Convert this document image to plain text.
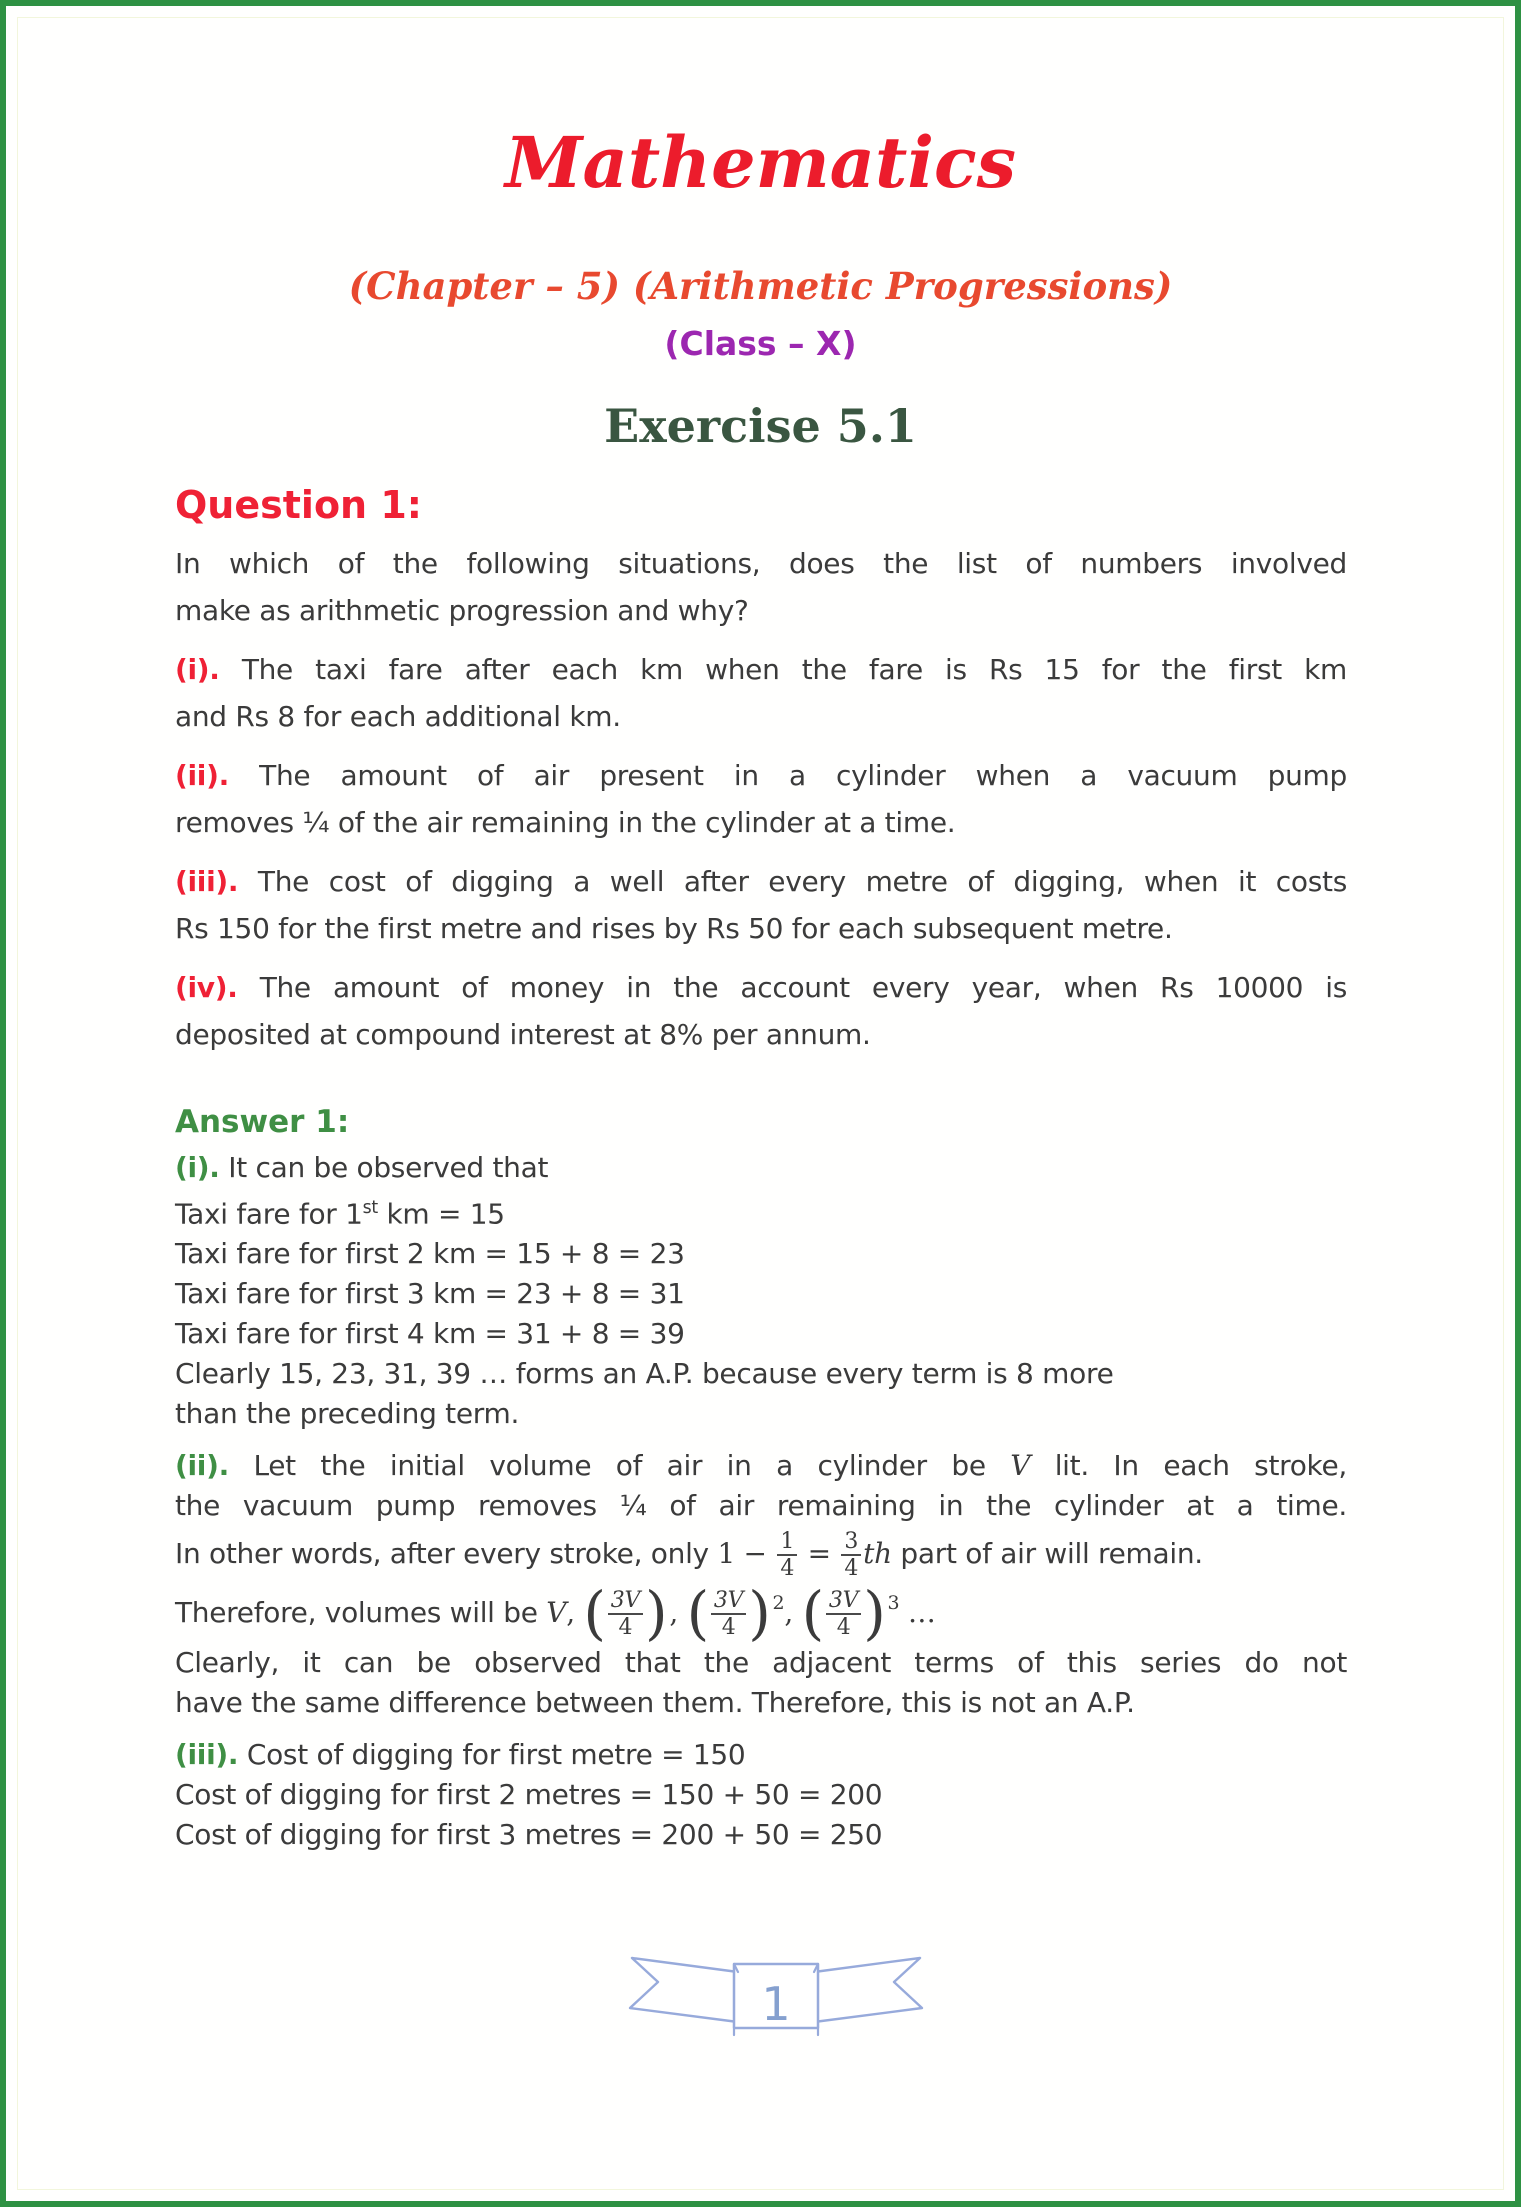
Mathematics
(Chapter – 5) (Arithmetic Progressions)
(Class – X)
Exercise 5.1
Question 1:
In which of the following situations, does the list of numbers involved
make as arithmetic progression and why?
(i). The taxi fare after each km when the fare is Rs 15 for the first km
and Rs 8 for each additional km.
(ii). The amount of air present in a cylinder when a vacuum pump
removes ¼ of the air remaining in the cylinder at a time.
(iii). The cost of digging a well after every metre of digging, when it costs
Rs 150 for the first metre and rises by Rs 50 for each subsequent metre.
(iv). The amount of money in the account every year, when Rs 10000 is
deposited at compound interest at 8% per annum.
Answer 1:
(i). It can be observed that
Taxi fare for 1st km = 15
Taxi fare for first 2 km = 15 + 8 = 23
Taxi fare for first 3 km = 23 + 8 = 31
Taxi fare for first 4 km = 31 + 8 = 39
Clearly 15, 23, 31, 39 … forms an A.P. because every term is 8 more
than the preceding term.
(ii). Let the initial volume of air in a cylinder be V lit. In each stroke,
the vacuum pump removes ¼ of air remaining in the cylinder at a time.
In other words, after every stroke, only $1 - \frac{1}{4} = \frac{3}{4}$ th part of air will remain.
Therefore, volumes will be V, ( $\frac{3V}{4}$ ) , ( $\frac{3V}{4}$ ) 2 , ( $\frac{3V}{4}$ ) 3 …
Clearly, it can be observed that the adjacent terms of this series do not
have the same difference between them. Therefore, this is not an A.P.
(iii). Cost of digging for first metre = 150
Cost of digging for first 2 metres = 150 + 50 = 200
Cost of digging for first 3 metres = 200 + 50 = 250
1
